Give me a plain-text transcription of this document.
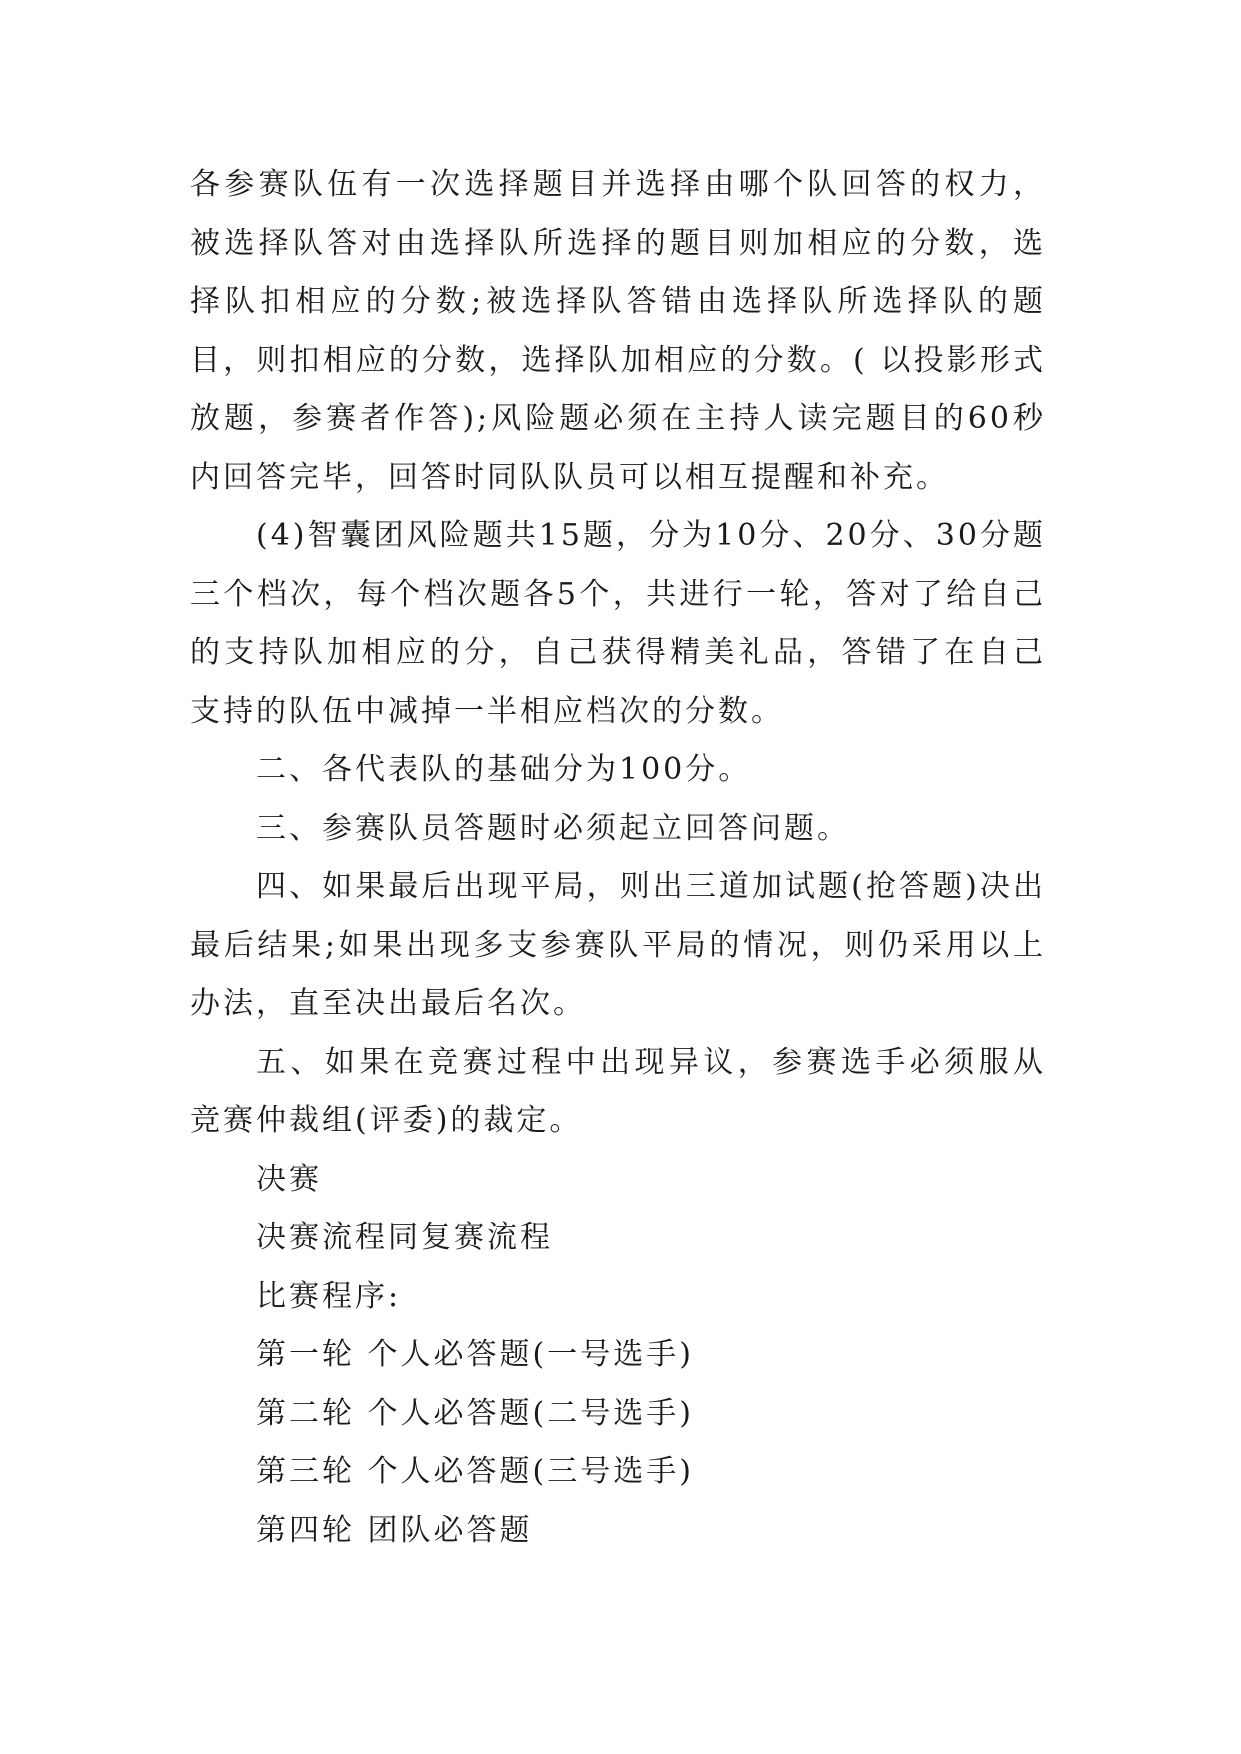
各参赛队伍有一次选择题目并选择由哪个队回答的权力，被选择队答对由选择队所选择的题目则加相应的分数，选择队扣相应的分数;被选择队答错由选择队所选择队的题目，则扣相应的分数，选择队加相应的分数。( 以投影形式放题，参赛者作答);风险题必须在主持人读完题目的60秒内回答完毕，回答时同队队员可以相互提醒和补充。

(4)智囊团风险题共15题，分为10分、20分、30分题三个档次，每个档次题各5个，共进行一轮，答对了给自己的支持队加相应的分，自己获得精美礼品，答错了在自己支持的队伍中减掉一半相应档次的分数。

二、各代表队的基础分为100分。

三、参赛队员答题时必须起立回答问题。

四、如果最后出现平局，则出三道加试题(抢答题)决出最后结果;如果出现多支参赛队平局的情况，则仍采用以上办法，直至决出最后名次。

五、如果在竞赛过程中出现异议，参赛选手必须服从竞赛仲裁组(评委)的裁定。

决赛

决赛流程同复赛流程

比赛程序:

第一轮 个人必答题(一号选手)

第二轮 个人必答题(二号选手)

第三轮 个人必答题(三号选手)

第四轮 团队必答题
